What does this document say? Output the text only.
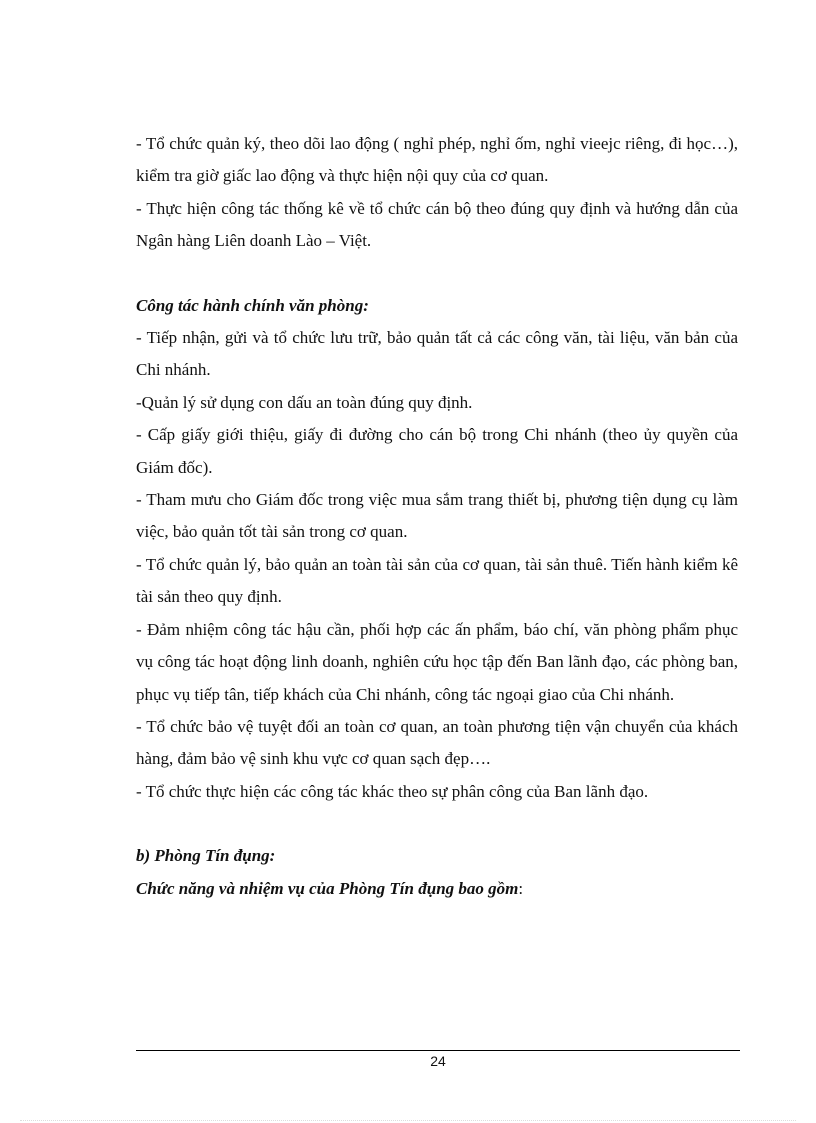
- Tổ chức quản ký, theo dõi lao động ( nghỉ phép, nghỉ ốm, nghỉ vieejc riêng, đi học…), kiểm tra giờ giấc lao động và thực hiện nội quy của cơ quan.

- Thực hiện công tác thống kê về tổ chức cán bộ theo đúng quy định và hướng dẫn của Ngân hàng Liên doanh Lào – Việt.

Công tác hành chính văn phòng:

- Tiếp nhận, gửi và tổ chức lưu trữ, bảo quản tất cả các công văn, tài liệu, văn bản của Chi nhánh.

-Quản lý sử dụng con dấu an toàn đúng quy định.

- Cấp giấy giới thiệu, giấy đi đường cho cán bộ trong Chi nhánh (theo ủy quyền của Giám đốc).

- Tham mưu cho Giám đốc trong việc mua sắm trang thiết bị, phương tiện dụng cụ làm việc, bảo quản tốt tài sản trong cơ quan.

- Tổ chức quản lý, bảo quản an toàn tài sản của cơ quan, tài sản thuê. Tiến hành kiểm kê tài sản theo quy định.

- Đảm nhiệm công tác hậu cần, phối hợp các ấn phẩm, báo chí, văn phòng phẩm phục vụ công tác hoạt động linh doanh, nghiên cứu học tập đến Ban lãnh đạo, các phòng ban, phục vụ tiếp tân, tiếp khách của Chi nhánh, công tác ngoại giao của Chi nhánh.

- Tổ chức bảo vệ tuyệt đối an toàn cơ quan, an toàn phương tiện vận chuyển của khách hàng, đảm bảo vệ sinh khu vực cơ quan sạch đẹp….

- Tổ chức thực hiện các công tác khác theo sự phân công của Ban lãnh đạo.

b) Phòng Tín đụng:

Chức năng và nhiệm vụ của Phòng Tín đụng bao gồm:

24
